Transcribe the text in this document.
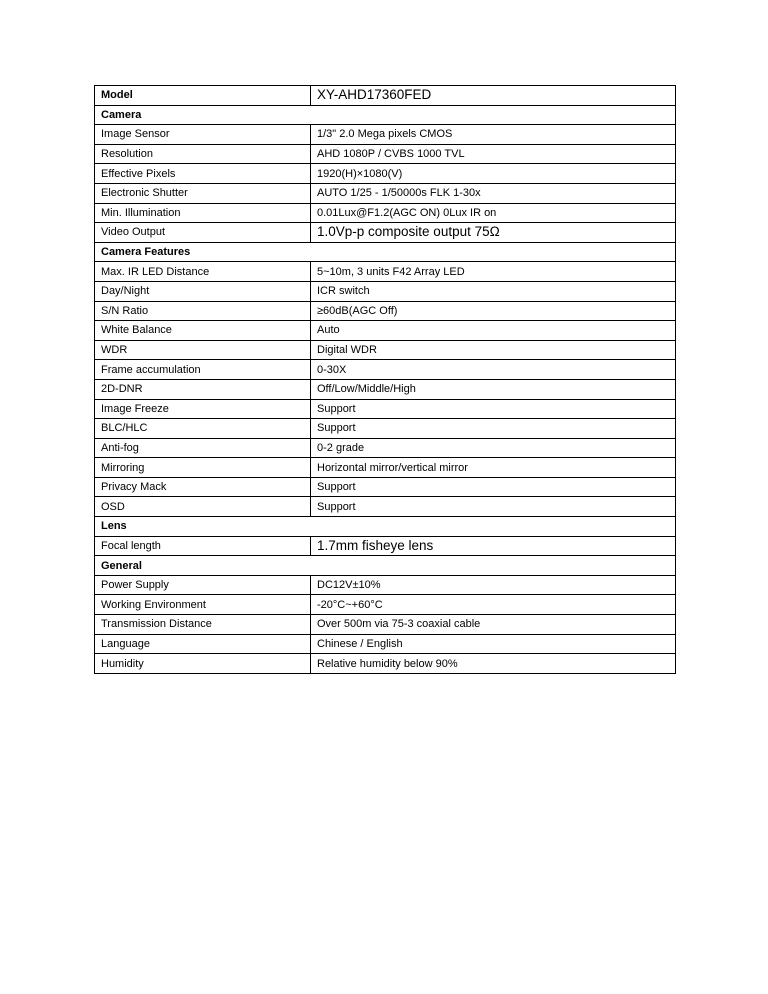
Model	XY-AHD17360FED
Camera	
Image Sensor	1/3" 2.0 Mega pixels CMOS
Resolution	AHD 1080P / CVBS 1000 TVL
Effective Pixels	1920(H)×1080(V)
Electronic Shutter	AUTO 1/25 - 1/50000s FLK 1-30x
Min. Illumination	0.01Lux@F1.2(AGC ON) 0Lux IR on
Video Output	1.0Vp-p composite output 75Ω
Camera Features	
Max. IR LED Distance	5~10m, 3 units F42 Array LED
Day/Night	ICR switch
S/N Ratio	≥60dB(AGC Off)
White Balance	Auto
WDR	Digital WDR
Frame accumulation	0-30X
2D-DNR	Off/Low/Middle/High
Image Freeze	Support
BLC/HLC	Support
Anti-fog	0-2 grade
Mirroring	Horizontal mirror/vertical mirror
Privacy Mack	Support
OSD	Support
Lens	
Focal length	1.7mm fisheye lens
General	
Power Supply	DC12V±10%
Working Environment	-20°C~+60°C
Transmission Distance	Over 500m via 75-3 coaxial cable
Language	Chinese / English
Humidity	Relative humidity below 90%
